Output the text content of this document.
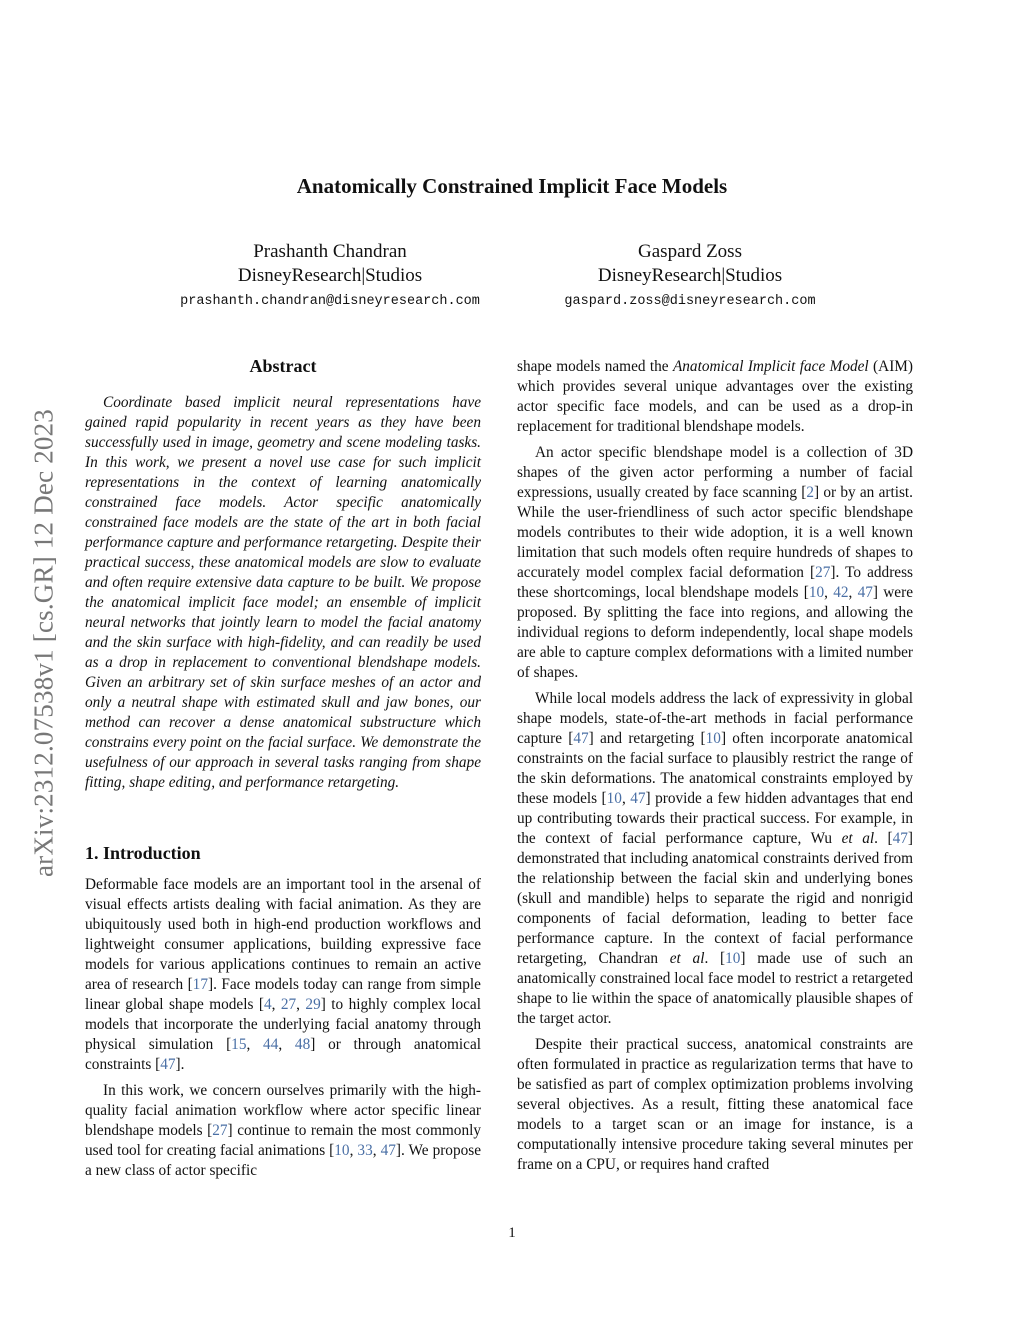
arXiv:2312.07538v1 [cs.GR] 12 Dec 2023
Anatomically Constrained Implicit Face Models
Prashanth Chandran
DisneyResearch|Studios
prashanth.chandran@disneyresearch.com
Gaspard Zoss
DisneyResearch|Studios
gaspard.zoss@disneyresearch.com
Abstract
Coordinate based implicit neural representations have gained rapid popularity in recent years as they have been successfully used in image, geometry and scene modeling tasks. In this work, we present a novel use case for such implicit representations in the context of learning anatomically constrained face models. Actor specific anatomically constrained face models are the state of the art in both facial performance capture and performance retargeting. Despite their practical success, these anatomical models are slow to evaluate and often require extensive data capture to be built. We propose the anatomical implicit face model; an ensemble of implicit neural networks that jointly learn to model the facial anatomy and the skin surface with high-fidelity, and can readily be used as a drop in replacement to conventional blendshape models. Given an arbitrary set of skin surface meshes of an actor and only a neutral shape with estimated skull and jaw bones, our method can recover a dense anatomical substructure which constrains every point on the facial surface. We demonstrate the usefulness of our approach in several tasks ranging from shape fitting, shape editing, and performance retargeting.
1. Introduction

Deformable face models are an important tool in the arsenal of visual effects artists dealing with facial animation. As they are ubiquitously used both in high-end production workflows and lightweight consumer applications, building expressive face models for various applications continues to remain an active area of research [17]. Face models today can range from simple linear global shape models [4, 27, 29] to highly complex local models that incorporate the underlying facial anatomy through physical simulation [15, 44, 48] or through anatomical constraints [47].

In this work, we concern ourselves primarily with the high-quality facial animation workflow where actor specific linear blendshape models [27] continue to remain the most commonly used tool for creating facial animations [10, 33, 47]. We propose a new class of actor specific

shape models named the Anatomical Implicit face Model (AIM) which provides several unique advantages over the existing actor specific face models, and can be used as a drop-in replacement for traditional blendshape models.

An actor specific blendshape model is a collection of 3D shapes of the given actor performing a number of facial expressions, usually created by face scanning [2] or by an artist. While the user-friendliness of such actor specific blendshape models contributes to their wide adoption, it is a well known limitation that such models often require hundreds of shapes to accurately model complex facial deformation [27]. To address these shortcomings, local blendshape models [10, 42, 47] were proposed. By splitting the face into regions, and allowing the individual regions to deform independently, local shape models are able to capture complex deformations with a limited number of shapes.

While local models address the lack of expressivity in global shape models, state-of-the-art methods in facial performance capture [47] and retargeting [10] often incorporate anatomical constraints on the facial surface to plausibly restrict the range of the skin deformations. The anatomical constraints employed by these models [10, 47] provide a few hidden advantages that end up contributing towards their practical success. For example, in the context of facial performance capture, Wu et al. [47] demonstrated that including anatomical constraints derived from the relationship between the facial skin and underlying bones (skull and mandible) helps to separate the rigid and nonrigid components of facial deformation, leading to better face performance capture. In the context of facial performance retargeting, Chandran et al. [10] made use of such an anatomically constrained local face model to restrict a retargeted shape to lie within the space of anatomically plausible shapes of the target actor.

Despite their practical success, anatomical constraints are often formulated in practice as regularization terms that have to be satisfied as part of complex optimization problems involving several objectives. As a result, fitting these anatomical face models to a target scan or an image for instance, is a computationally intensive procedure taking several minutes per frame on a CPU, or requires hand crafted

1
